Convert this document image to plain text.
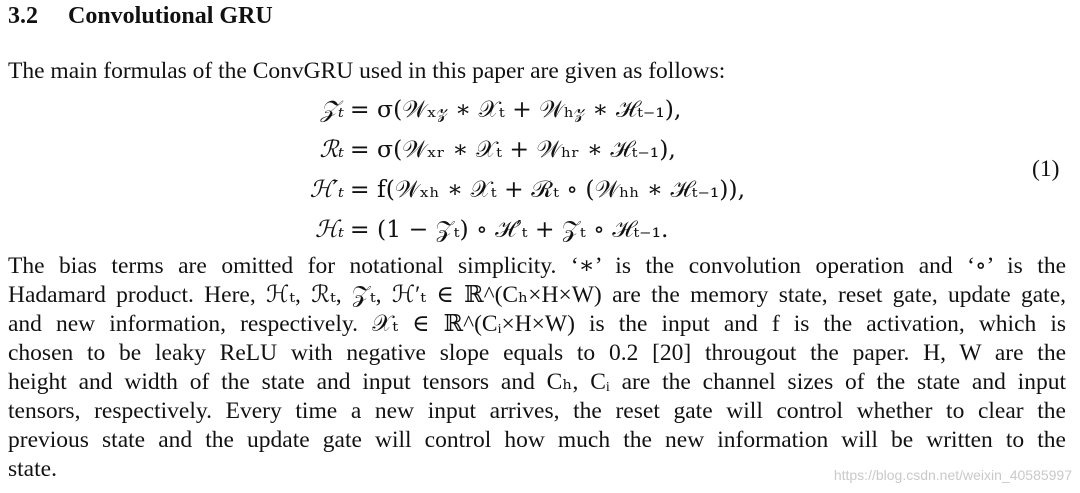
3.2 Convolutional GRU
The main formulas of the ConvGRU used in this paper are given as follows:
𝒵ₜ = σ(𝒲ₓ𝓏 ∗ 𝒳ₜ + 𝒲ₕ𝓏 ∗ ℋₜ₋₁),
ℛₜ = σ(𝒲ₓᵣ ∗ 𝒳ₜ + 𝒲ₕᵣ ∗ ℋₜ₋₁),
ℋ′ₜ = f(𝒲ₓₕ ∗ 𝒳ₜ + ℛₜ ∘ (𝒲ₕₕ ∗ ℋₜ₋₁)),
ℋₜ = (1 − 𝒵ₜ) ∘ ℋ′ₜ + 𝒵ₜ ∘ ℋₜ₋₁.
(1)
The bias terms are omitted for notational simplicity. ‘∗’ is the convolution operation and ‘∘’ is the
Hadamard product. Here, ℋₜ, ℛₜ, 𝒵ₜ, ℋ′ₜ ∈ ℝ^(Cₕ×H×W) are the memory state, reset gate, update gate,
and new information, respectively. 𝒳ₜ ∈ ℝ^(Cᵢ×H×W) is the input and f is the activation, which is
chosen to be leaky ReLU with negative slope equals to 0.2 [20] througout the paper. H, W are the
height and width of the state and input tensors and Cₕ, Cᵢ are the channel sizes of the state and input
tensors, respectively. Every time a new input arrives, the reset gate will control whether to clear the
previous state and the update gate will control how much the new information will be written to the
state.	https://blog.csdn.net/weixin_40585997
